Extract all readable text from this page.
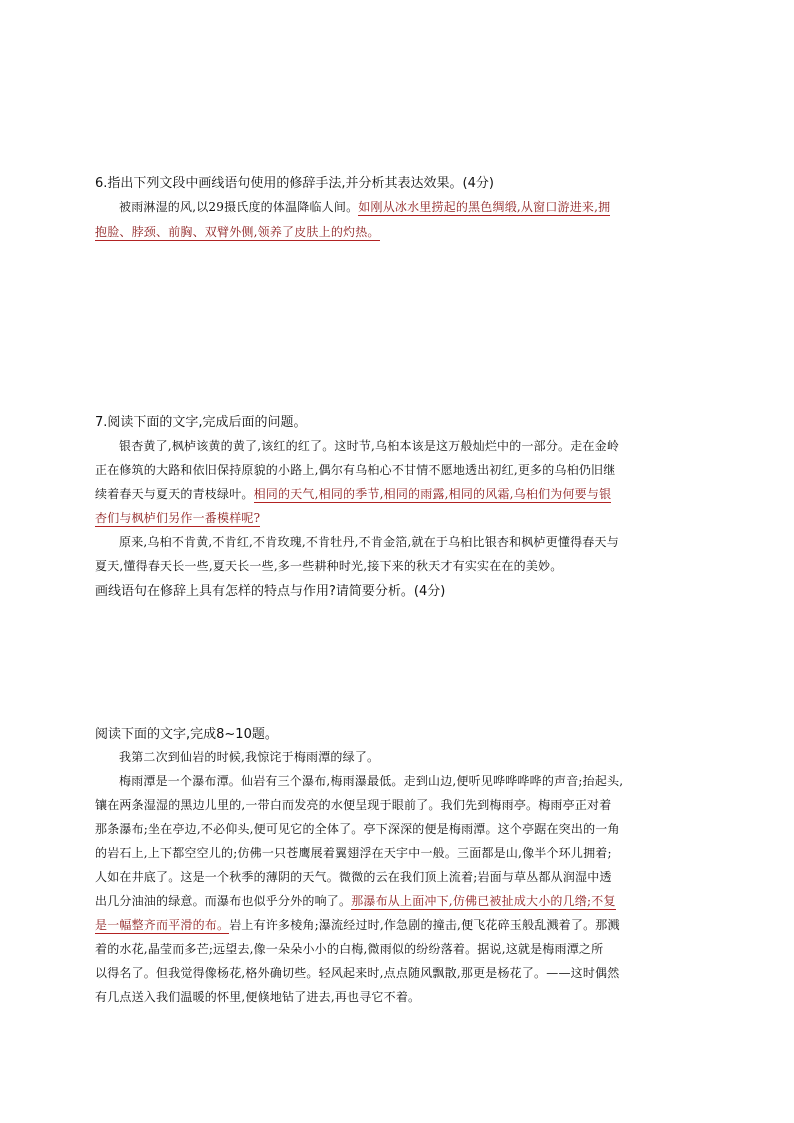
6.指出下列文段中画线语句使用的修辞手法,并分析其表达效果。(4分)
被雨淋湿的风,以29摄氏度的体温降临人间。如刚从冰水里捞起的黑色绸缎,从窗口游进来,拥
抱脸、脖颈、前胸、双臂外侧,领养了皮肤上的灼热。
7.阅读下面的文字,完成后面的问题。
银杏黄了,枫栌该黄的黄了,该红的红了。这时节,乌桕本该是这万般灿烂中的一部分。走在金岭
正在修筑的大路和依旧保持原貌的小路上,偶尔有乌桕心不甘情不愿地透出初红,更多的乌桕仍旧继
续着春天与夏天的青枝绿叶。相同的天气,相同的季节,相同的雨露,相同的风霜,乌桕们为何要与银
杏们与枫栌们另作一番模样呢?
原来,乌桕不肯黄,不肯红,不肯玫瑰,不肯牡丹,不肯金箔,就在于乌桕比银杏和枫栌更懂得春天与
夏天,懂得春天长一些,夏天长一些,多一些耕种时光,接下来的秋天才有实实在在的美妙。
画线语句在修辞上具有怎样的特点与作用?请简要分析。(4分)
阅读下面的文字,完成8~10题。
我第二次到仙岩的时候,我惊诧于梅雨潭的绿了。
梅雨潭是一个瀑布潭。仙岩有三个瀑布,梅雨瀑最低。走到山边,便听见哗哗哗哗的声音;抬起头,
镶在两条湿湿的黑边儿里的,一带白而发亮的水便呈现于眼前了。我们先到梅雨亭。梅雨亭正对着
那条瀑布;坐在亭边,不必仰头,便可见它的全体了。亭下深深的便是梅雨潭。这个亭踞在突出的一角
的岩石上,上下都空空儿的;仿佛一只苍鹰展着翼翅浮在天宇中一般。三面都是山,像半个环儿拥着;
人如在井底了。这是一个秋季的薄阴的天气。微微的云在我们顶上流着;岩面与草丛都从润湿中透
出几分油油的绿意。而瀑布也似乎分外的响了。那瀑布从上面冲下,仿佛已被扯成大小的几绺;不复
是一幅整齐而平滑的布。岩上有许多棱角;瀑流经过时,作急剧的撞击,便飞花碎玉般乱溅着了。那溅
着的水花,晶莹而多芒;远望去,像一朵朵小小的白梅,微雨似的纷纷落着。据说,这就是梅雨潭之所
以得名了。但我觉得像杨花,格外确切些。轻风起来时,点点随风飘散,那更是杨花了。——这时偶然
有几点送入我们温暖的怀里,便倏地钻了进去,再也寻它不着。
